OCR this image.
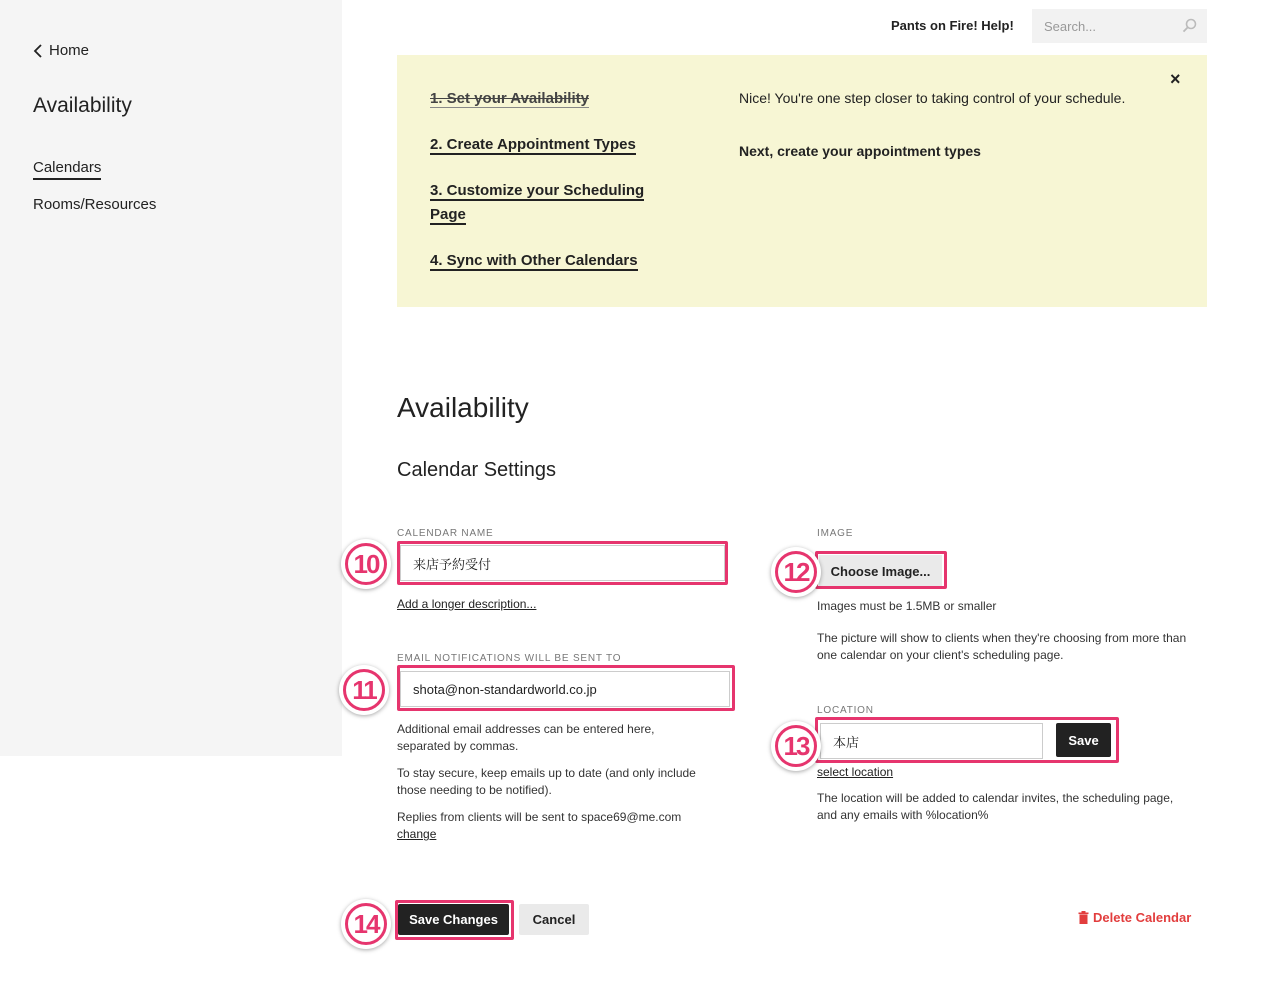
Home
Availability
Calendars
Rooms/Resources
Pants on Fire! Help!
Search...
1. Set your Availability
2. Create Appointment Types
3. Customize your Scheduling
Page
4. Sync with Other Calendars
Nice! You're one step closer to taking control of your schedule.
Next, create your appointment types
×
Availability
Calendar Settings
CALENDAR NAME
来店予約受付
10
Add a longer description...
EMAIL NOTIFICATIONS WILL BE SENT TO
shota@non-standardworld.co.jp
11
Additional email addresses can be entered here, separated by commas.
To stay secure, keep emails up to date (and only include those needing to be notified).
Replies from clients will be sent to space69@me.com
change
IMAGE
Choose Image...
12
Images must be 1.5MB or smaller
The picture will show to clients when they're choosing from more than one calendar on your client's scheduling page.
LOCATION
本店
Save
13
select location
The location will be added to calendar invites, the scheduling page, and any emails with %location%
Save Changes
14	Cancel	Delete Calendar
